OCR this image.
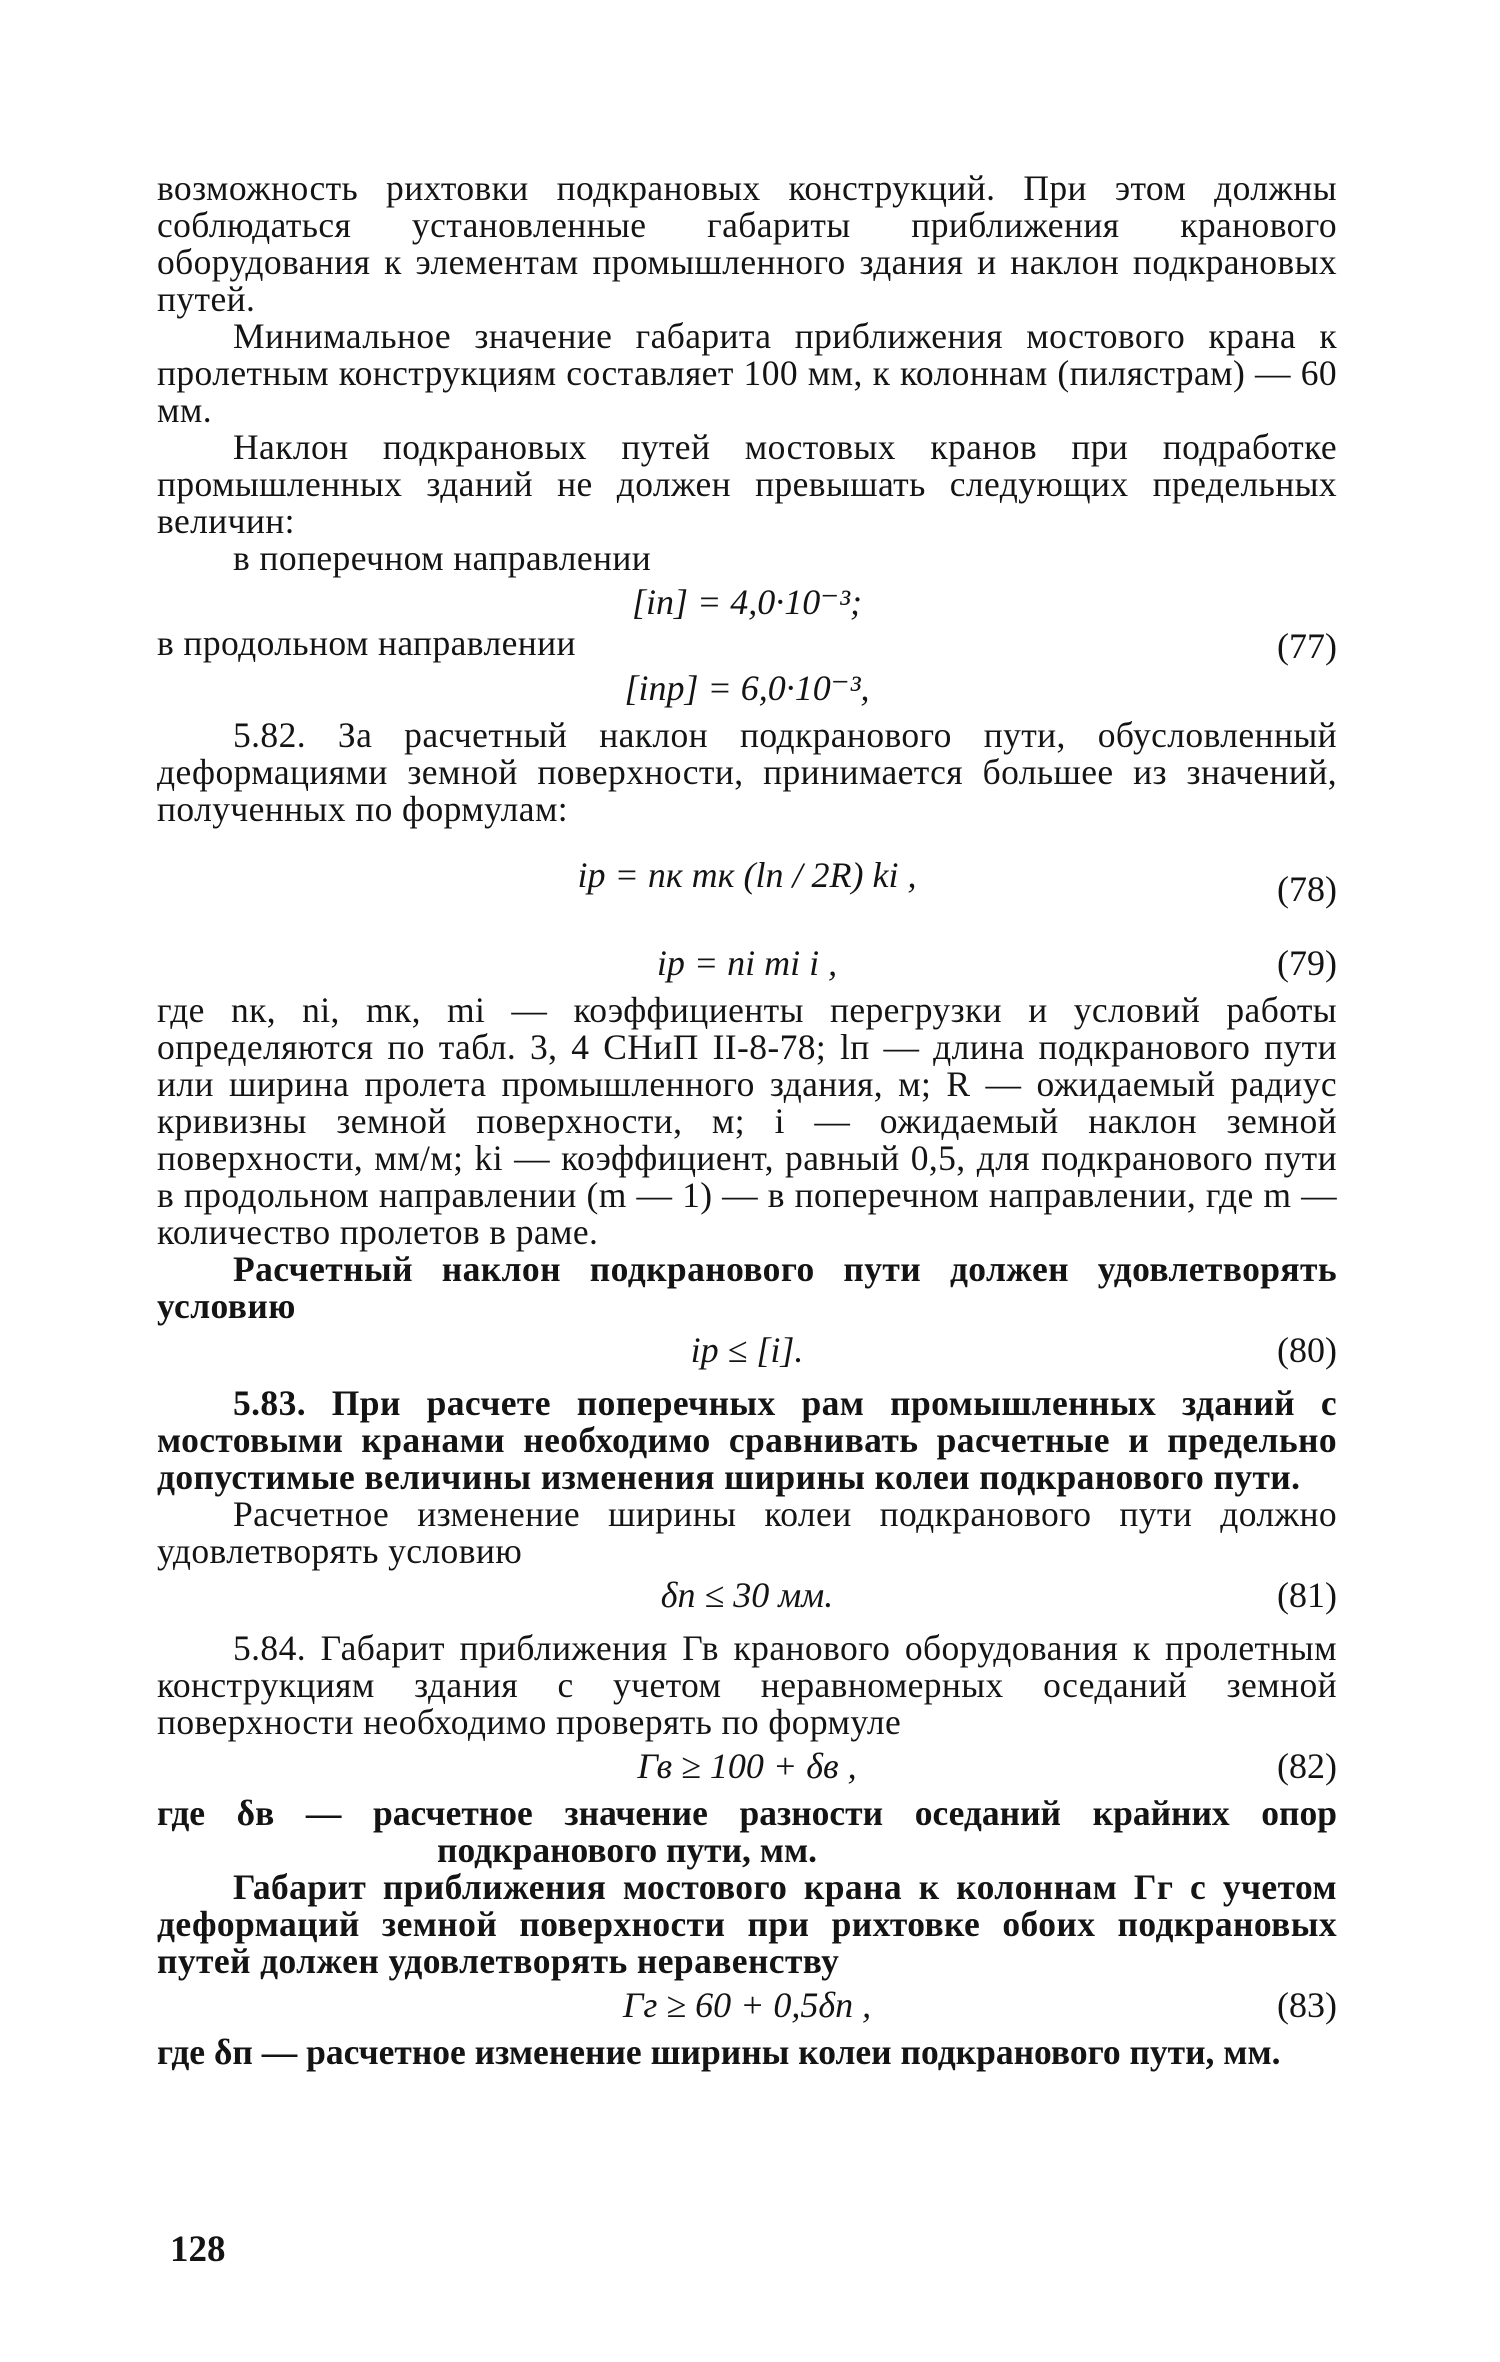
возможность рихтовки подкрановых конструкций. При этом должны соблюдаться установленные габариты приближения кранового оборудования к элементам промышленного здания и наклон подкрановых путей.

Минимальное значение габарита приближения мостового крана к пролетным конструкциям составляет 100 мм, к колоннам (пилястрам) — 60 мм.

Наклон подкрановых путей мостовых кранов при подработке промышленных зданий не должен превышать следующих предельных величин:

в поперечном направлении

[iп] = 4,0·10⁻³;
в продольном направлении	(77)
[iпр] = 6,0·10⁻³,

5.82. За расчетный наклон подкранового пути, обусловленный деформациями земной поверхности, принимается большее из значений, полученных по формулам:

iр = nк mк (lп / 2R) ki ,	(78)
iр = ni mi i ,	(79)

где nк, ni, mк, mi — коэффициенты перегрузки и условий работы определяются по табл. 3, 4 СНиП II-8-78; lп — длина подкранового пути или ширина пролета промышленного здания, м; R — ожидаемый радиус кривизны земной поверхности, м; i — ожидаемый наклон земной поверхности, мм/м; ki — коэффициент, равный 0,5, для подкранового пути в продольном направлении (m — 1) — в поперечном направлении, где m — количество пролетов в раме.

Расчетный наклон подкранового пути должен удовлетворять условию

iр ≤ [i].	(80)

5.83. При расчете поперечных рам промышленных зданий с мостовыми кранами необходимо сравнивать расчетные и предельно допустимые величины изменения ширины колеи подкранового пути.

Расчетное изменение ширины колеи подкранового пути должно удовлетворять условию

δп ≤ 30 мм.	(81)

5.84. Габарит приближения Гв кранового оборудования к пролетным конструкциям здания с учетом неравномерных оседаний земной поверхности необходимо проверять по формуле

Гв ≥ 100 + δв ,	(82)

где δв — расчетное значение разности оседаний крайних опор подкранового пути, мм.

Габарит приближения мостового крана к колоннам Гг с учетом деформаций земной поверхности при рихтовке обоих подкрановых путей должен удовлетворять неравенству

Гг ≥ 60 + 0,5δп ,	(83)

где δп — расчетное изменение ширины колеи подкранового пути, мм.

128
